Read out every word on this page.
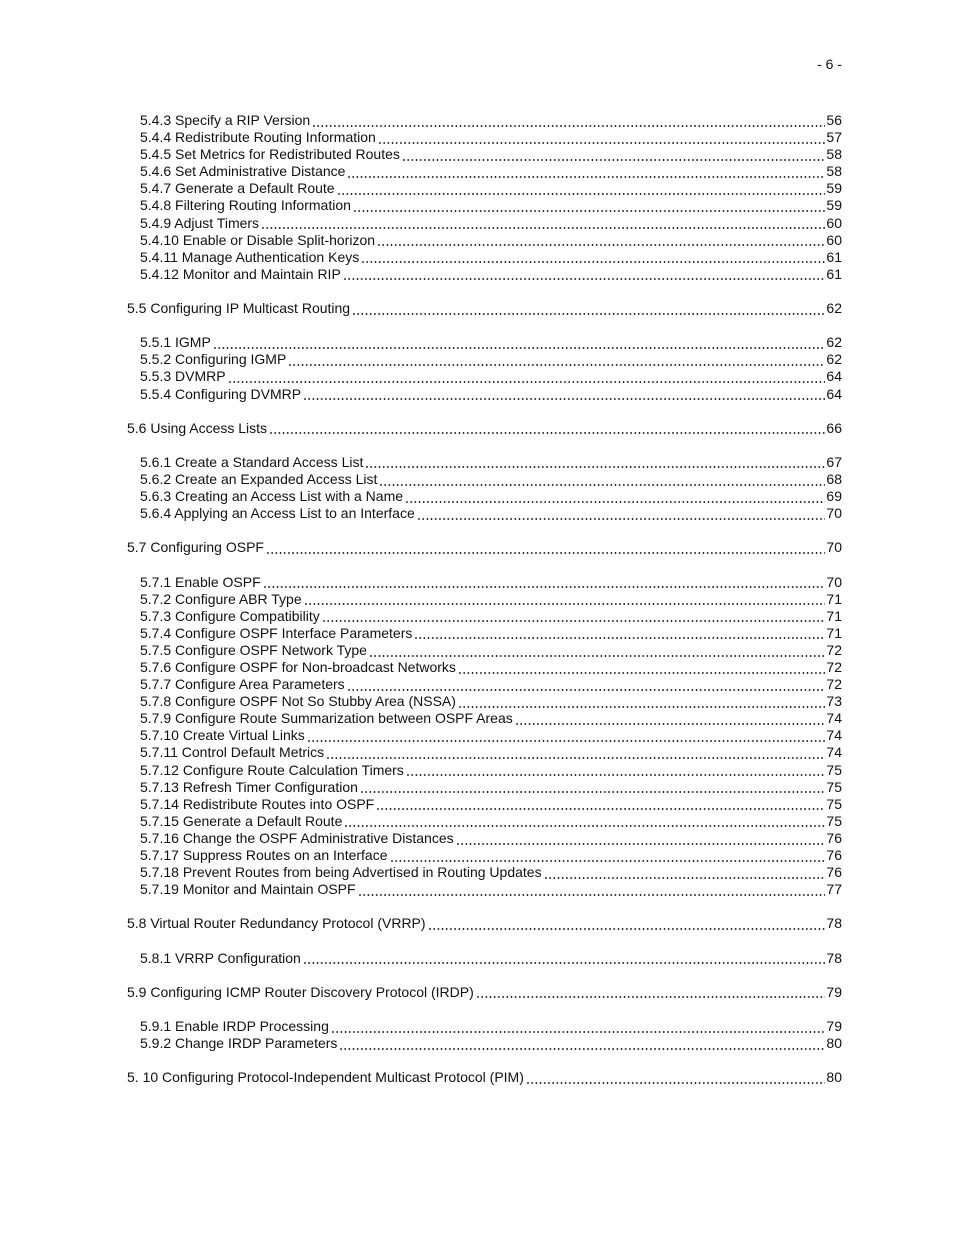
- 6 -
5.4.3 Specify a RIP Version	56
5.4.4 Redistribute Routing Information	57
5.4.5 Set Metrics for Redistributed Routes	58
5.4.6 Set Administrative Distance	58
5.4.7 Generate a Default Route	59
5.4.8 Filtering Routing Information	59
5.4.9 Adjust Timers	60
5.4.10 Enable or Disable Split-horizon	60
5.4.11 Manage Authentication Keys	61
5.4.12 Monitor and Maintain RIP	61
5.5 Configuring IP Multicast Routing	62
5.5.1 IGMP	62
5.5.2 Configuring IGMP	62
5.5.3 DVMRP	64
5.5.4 Configuring DVMRP	64
5.6 Using Access Lists	66
5.6.1 Create a Standard Access List	67
5.6.2 Create an Expanded Access List	68
5.6.3 Creating an Access List with a Name	69
5.6.4 Applying an Access List to an Interface	70
5.7 Configuring OSPF	70
5.7.1 Enable OSPF	70
5.7.2 Configure ABR Type	71
5.7.3 Configure Compatibility	71
5.7.4 Configure OSPF Interface Parameters	71
5.7.5 Configure OSPF Network Type	72
5.7.6 Configure OSPF for Non-broadcast Networks	72
5.7.7 Configure Area Parameters	72
5.7.8 Configure OSPF Not So Stubby Area (NSSA)	73
5.7.9 Configure Route Summarization between OSPF Areas	74
5.7.10 Create Virtual Links	74
5.7.11 Control Default Metrics	74
5.7.12 Configure Route Calculation Timers	75
5.7.13 Refresh Timer Configuration	75
5.7.14 Redistribute Routes into OSPF	75
5.7.15 Generate a Default Route	75
5.7.16 Change the OSPF Administrative Distances	76
5.7.17 Suppress Routes on an Interface	76
5.7.18 Prevent Routes from being Advertised in Routing Updates	76
5.7.19 Monitor and Maintain OSPF	77
5.8 Virtual Router Redundancy Protocol (VRRP)	78
5.8.1 VRRP Configuration	78
5.9 Configuring ICMP Router Discovery Protocol (IRDP)	79
5.9.1 Enable IRDP Processing	79
5.9.2 Change IRDP Parameters	80
5. 10 Configuring Protocol-Independent Multicast Protocol (PIM)	80
